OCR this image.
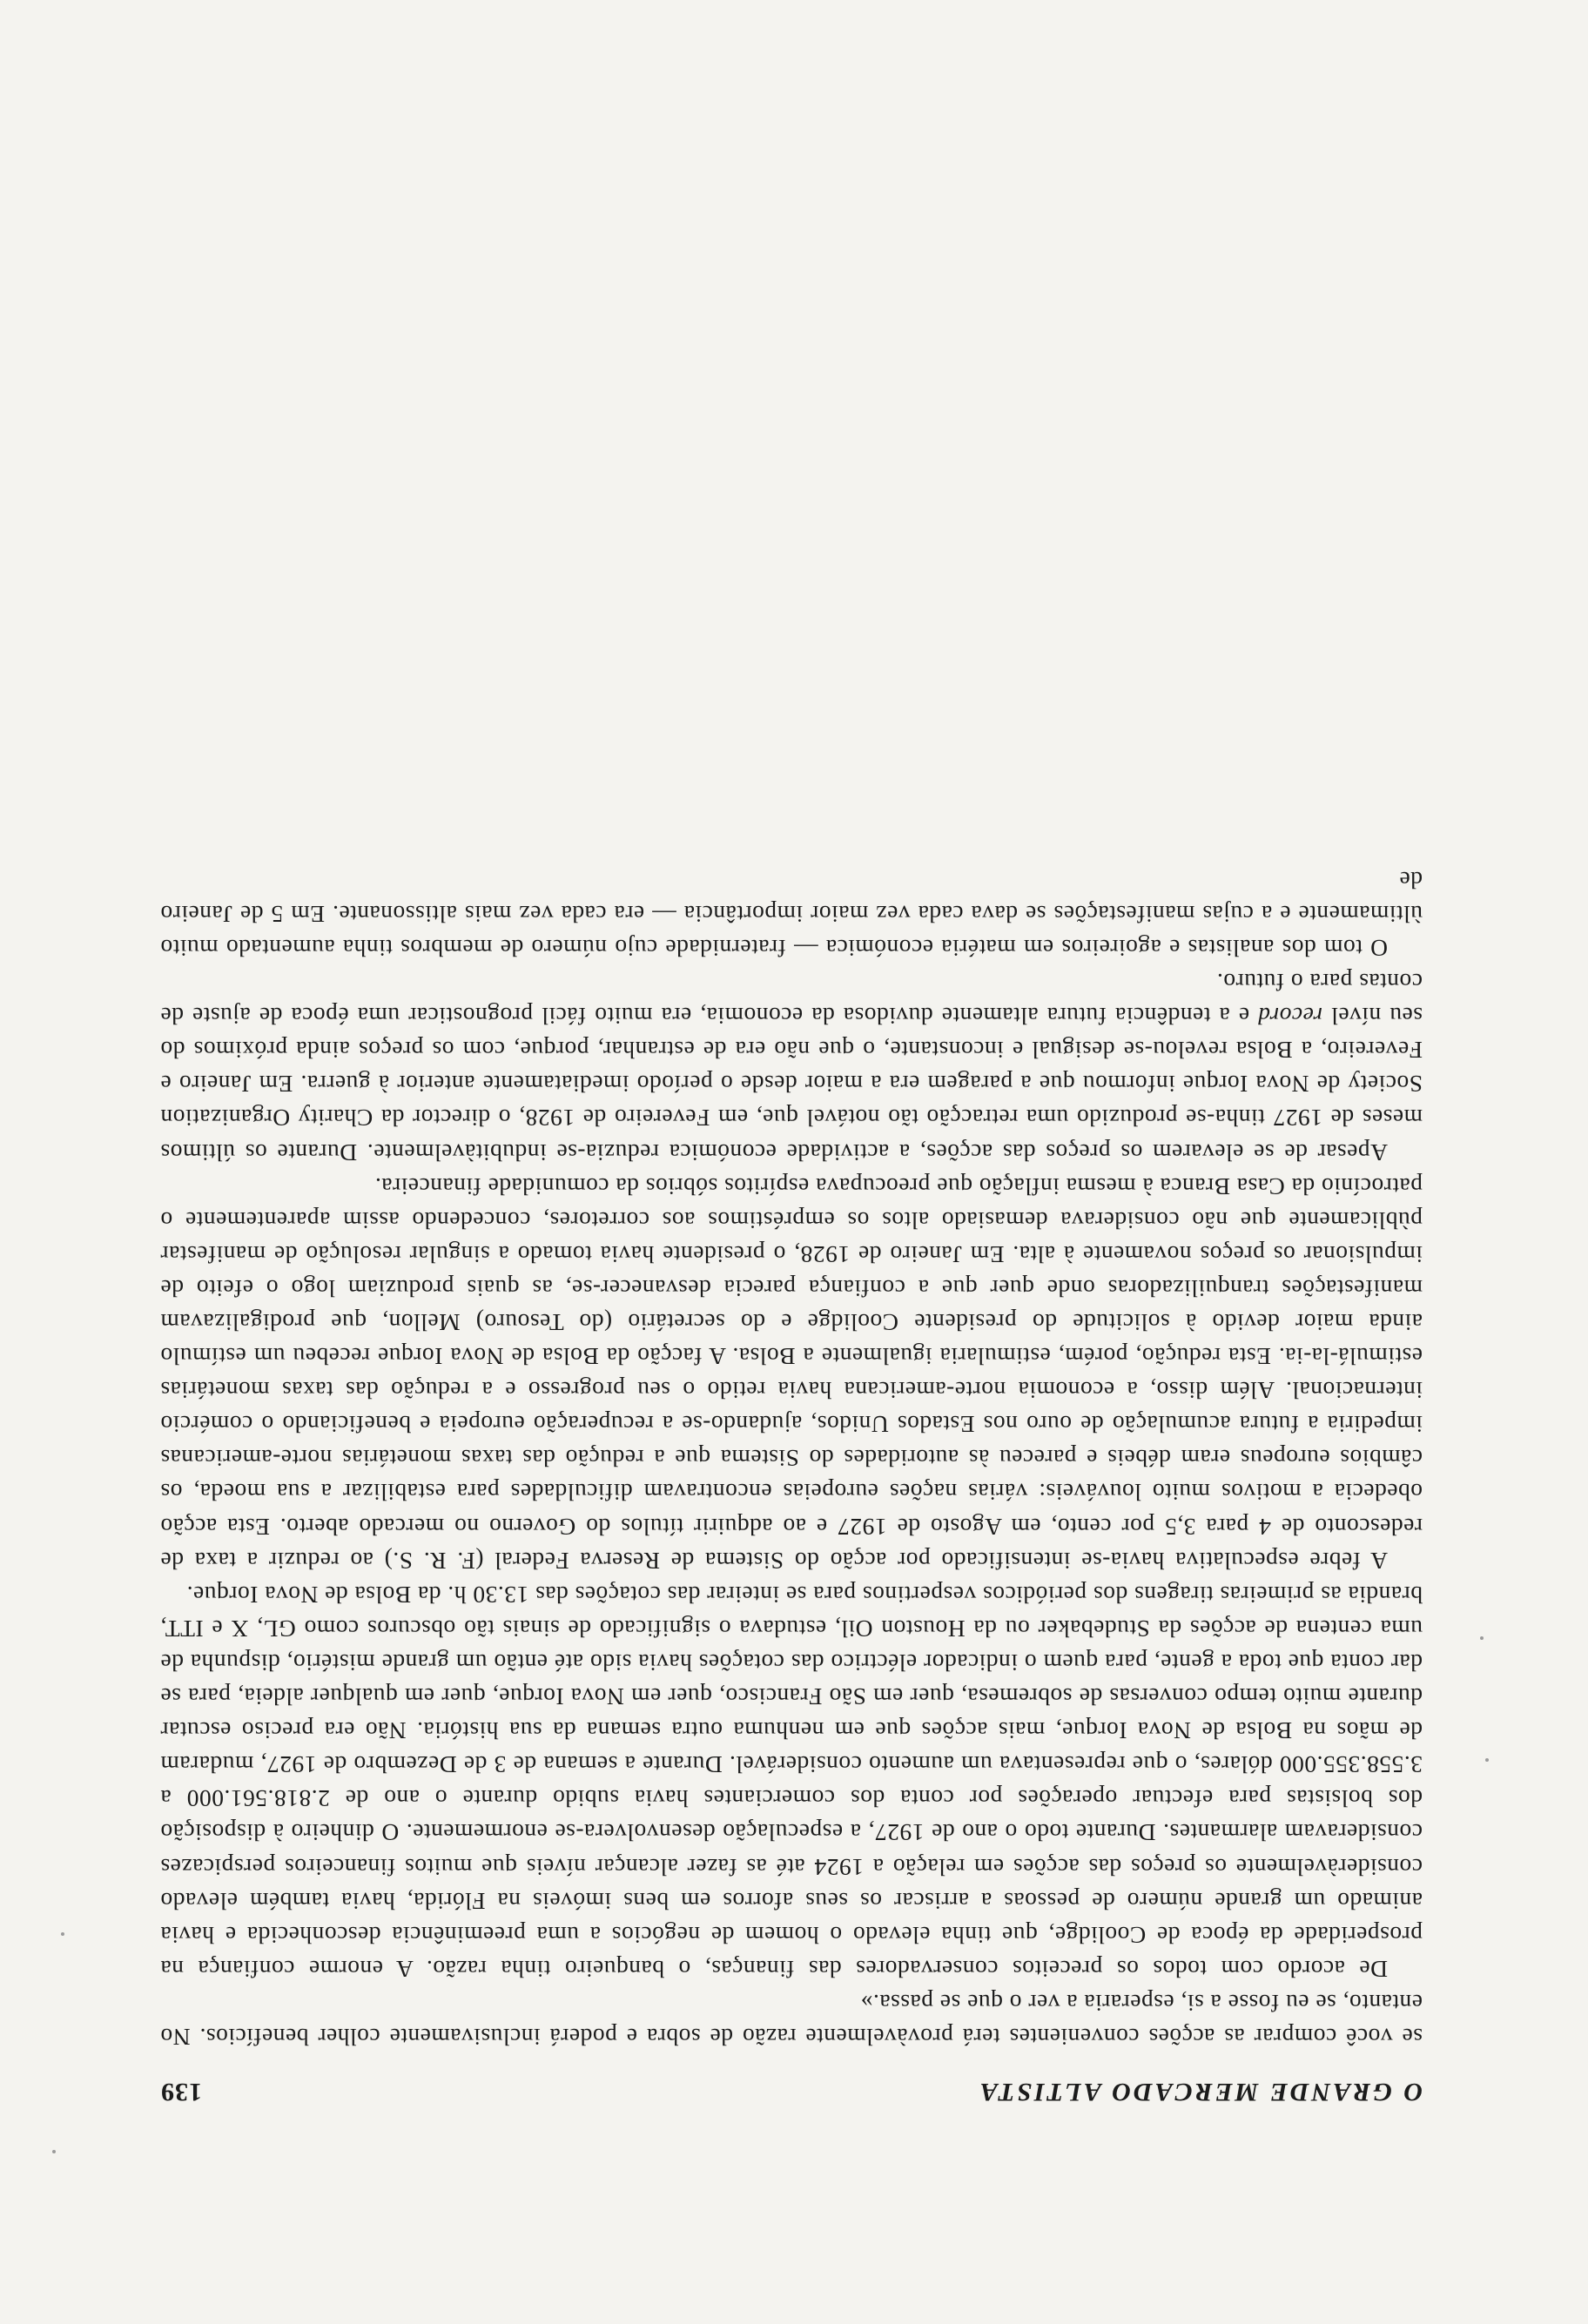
O GRANDE MERCADO ALTISTA
139

se você comprar as acções convenientes terá provàvelmente razão de sobra e poderá inclusivamente colher benefícios. No entanto, se eu fosse a si, esperaria a ver o que se passa.»

De acordo com todos os preceitos conservadores das finanças, o banqueiro tinha razão. A enorme confiança na prosperidade da época de Coolidge, que tinha elevado o homem de negócios a uma preeminência desconhecida e havia animado um grande número de pessoas a arriscar os seus aforros em bens imóveis na Flórida, havia também elevado consideràvelmente os preços das acções em relação a 1924 até as fazer alcançar níveis que muitos financeiros perspicazes consideravam alarmantes. Durante todo o ano de 1927, a especulação desenvolvera-se enormemente. O dinheiro à disposição dos bolsistas para efectuar operações por conta dos comerciantes havia subido durante o ano de 2.818.561.000 a 3.558.355.000 dólares, o que representava um aumento considerável. Durante a semana de 3 de Dezembro de 1927, mudaram de mãos na Bolsa de Nova Iorque, mais acções que em nenhuma outra semana da sua história. Não era preciso escutar durante muito tempo conversas de sobremesa, quer em São Francisco, quer em Nova Iorque, quer em qualquer aldeia, para se dar conta que toda a gente, para quem o indicador eléctrico das cotações havia sido até então um grande mistério, dispunha de uma centena de acções da Studebaker ou da Houston Oil, estudava o significado de sinais tão obscuros como GL, X e ITT, brandia as primeiras tiragens dos periódicos vespertinos para se inteirar das cotações das 13.30 h. da Bolsa de Nova Iorque.

A febre especulativa havia-se intensificado por acção do Sistema de Reserva Federal (F. R. S.) ao reduzir a taxa de redesconto de 4 para 3,5 por cento, em Agosto de 1927 e ao adquirir títulos do Governo no mercado aberto. Esta acção obedecia a motivos muito louváveis: várias nações europeias encontravam dificuldades para estabilizar a sua moeda, os câmbios europeus eram débeis e pareceu às autoridades do Sistema que a redução das taxas monetárias norte-americanas impediria a futura acumulação de ouro nos Estados Unidos, ajudando-se a recuperação europeia e beneficiando o comércio internacional. Além disso, a economia norte-americana havia retido o seu progresso e a redução das taxas monetárias estimulá-la-ia. Esta redução, porém, estimularia igualmente a Bolsa. A facção da Bolsa de Nova Iorque recebeu um estímulo ainda maior devido à solicitude do presidente Coolidge e do secretário (do Tesouro) Mellon, que prodigalizavam manifestações tranquilizadoras onde quer que a confiança parecia desvanecer-se, as quais produziam logo o efeito de impulsionar os preços novamente à alta. Em Janeiro de 1928, o presidente havia tomado a singular resolução de manifestar pùblicamente que não considerava demasiado altos os empréstimos aos corretores, concedendo assim aparentemente o patrocínio da Casa Branca à mesma inflação que preocupava espíritos sóbrios da comunidade financeira.

Apesar de se elevarem os preços das acções, a actividade económica reduzia-se indubitàvelmente. Durante os últimos meses de 1927 tinha-se produzido uma retracção tão notável que, em Fevereiro de 1928, o director da Charity Organization Society de Nova Iorque informou que a paragem era a maior desde o período imediatamente anterior à guerra. Em Janeiro e Fevereiro, a Bolsa revelou-se desigual e inconstante, o que não era de estranhar, porque, com os preços ainda próximos do seu nível record e a tendência futura altamente duvidosa da economia, era muito fácil prognosticar uma época de ajuste de contas para o futuro.

O tom dos analistas e agoireiros em matéria económica — fraternidade cujo número de membros tinha aumentado muito ùltimamente e a cujas manifestações se dava cada vez maior importância — era cada vez mais altissonante. Em 5 de Janeiro de
